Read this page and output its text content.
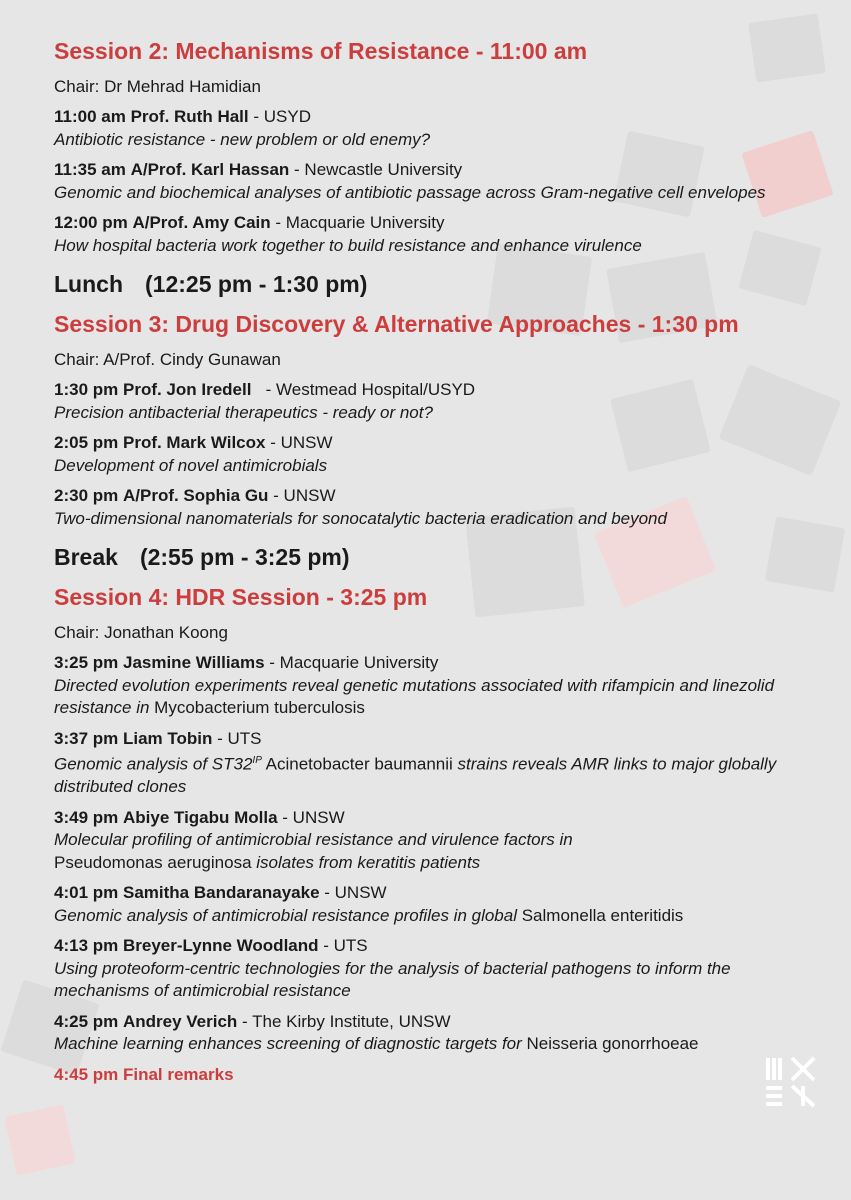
Session 2: Mechanisms of Resistance - 11:00 am
Chair: Dr Mehrad Hamidian
11:00 am Prof. Ruth Hall - USYD
Antibiotic resistance - new problem or old enemy?
11:35 am A/Prof. Karl Hassan - Newcastle University
Genomic and biochemical analyses of antibiotic passage across Gram-negative cell envelopes
12:00 pm A/Prof. Amy Cain - Macquarie University
How hospital bacteria work together to build resistance and enhance virulence
Lunch (12:25 pm - 1:30 pm)
Session 3: Drug Discovery & Alternative Approaches - 1:30 pm
Chair: A/Prof. Cindy Gunawan
1:30 pm Prof. Jon Iredell   - Westmead Hospital/USYD
Precision antibacterial therapeutics - ready or not?
2:05 pm Prof. Mark Wilcox - UNSW
Development of novel antimicrobials
2:30 pm A/Prof. Sophia Gu - UNSW
Two-dimensional nanomaterials for sonocatalytic bacteria eradication and beyond
Break (2:55 pm - 3:25 pm)
Session 4: HDR Session - 3:25 pm
Chair: Jonathan Koong
3:25 pm Jasmine Williams - Macquarie University
Directed evolution experiments reveal genetic mutations associated with rifampicin and linezolid resistance in Mycobacterium tuberculosis
3:37 pm Liam Tobin - UTS
Genomic analysis of $ST32^{IP}$ Acinetobacter baumannii strains reveals AMR links to major globally distributed clones
3:49 pm Abiye Tigabu Molla - UNSW
Molecular profiling of antimicrobial resistance and virulence factors in
Pseudomonas aeruginosa isolates from keratitis patients
4:01 pm Samitha Bandaranayake - UNSW
Genomic analysis of antimicrobial resistance profiles in global Salmonella enteritidis
4:13 pm Breyer-Lynne Woodland - UTS
Using proteoform-centric technologies for the analysis of bacterial pathogens to inform the mechanisms of antimicrobial resistance
4:25 pm Andrey Verich - The Kirby Institute, UNSW
Machine learning enhances screening of diagnostic targets for Neisseria gonorrhoeae
4:45 pm Final remarks
